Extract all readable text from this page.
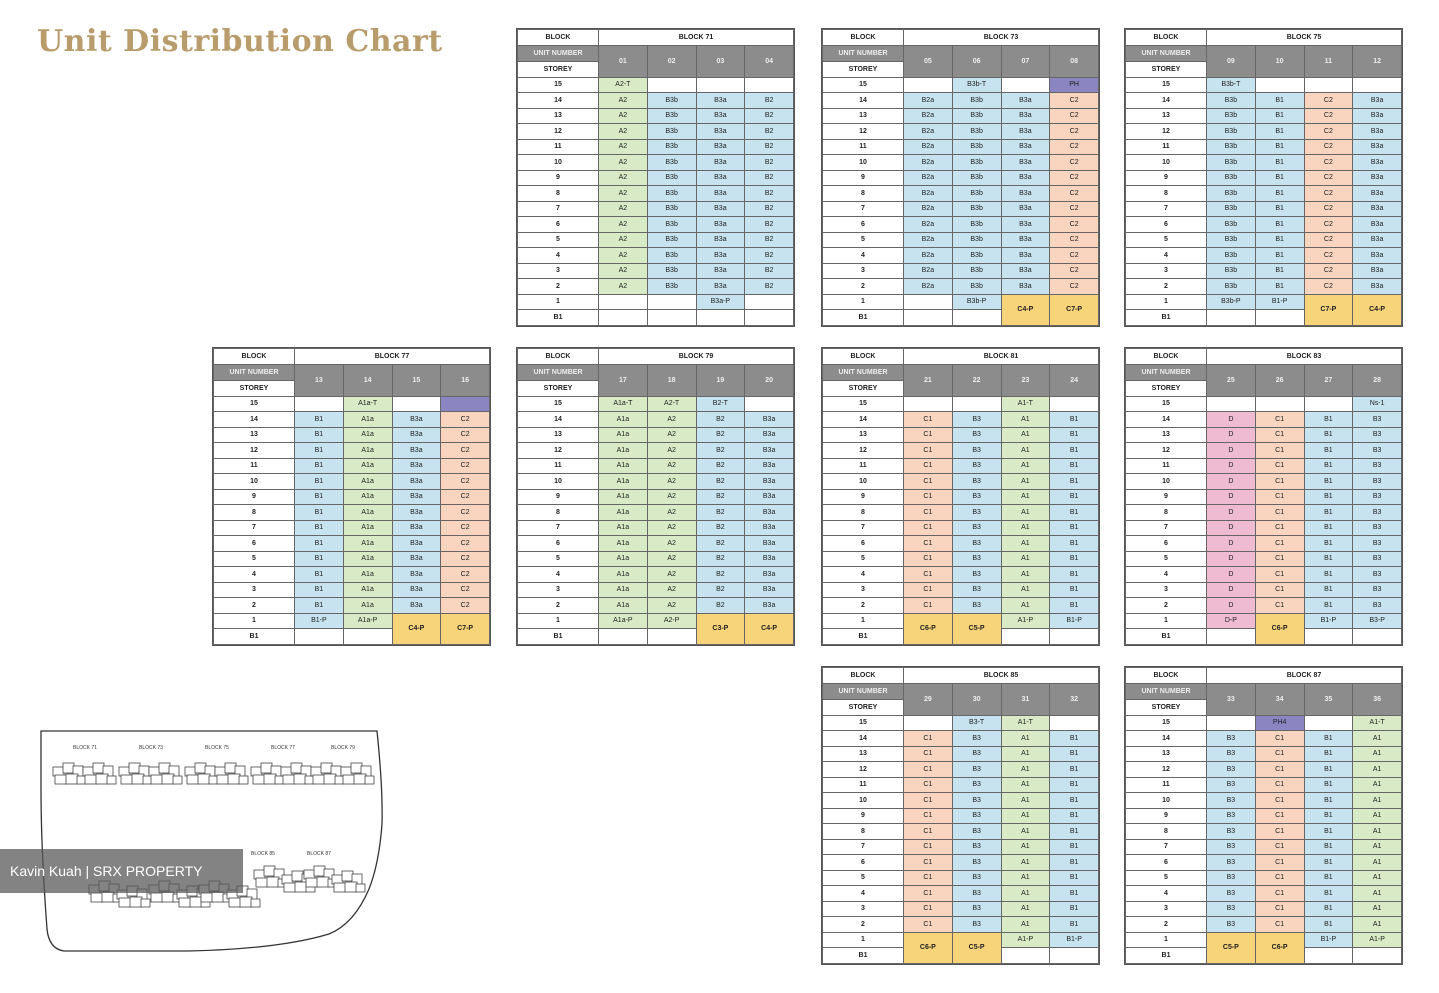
Unit Distribution Chart	BLOCK	BLOCK 71			
UNIT NUMBER	01	02	03	04
STOREY				
15	A2-T			
14	A2	B3b	B3a	B2
13	A2	B3b	B3a	B2
12	A2	B3b	B3a	B2
11	A2	B3b	B3a	B2
10	A2	B3b	B3a	B2
9	A2	B3b	B3a	B2
8	A2	B3b	B3a	B2
7	A2	B3b	B3a	B2
6	A2	B3b	B3a	B2
5	A2	B3b	B3a	B2
4	A2	B3b	B3a	B2
3	A2	B3b	B3a	B2
2	A2	B3b	B3a	B2
1			B3a-P	
B1				
BLOCK	BLOCK 73			
UNIT NUMBER	05	06	07	08
STOREY				
15		B3b-T		PH
14	B2a	B3b	B3a	C2
13	B2a	B3b	B3a	C2
12	B2a	B3b	B3a	C2
11	B2a	B3b	B3a	C2
10	B2a	B3b	B3a	C2
9	B2a	B3b	B3a	C2
8	B2a	B3b	B3a	C2
7	B2a	B3b	B3a	C2
6	B2a	B3b	B3a	C2
5	B2a	B3b	B3a	C2
4	B2a	B3b	B3a	C2
3	B2a	B3b	B3a	C2
2	B2a	B3b	B3a	C2
1		B3b-P	C4-P	C7-P
B1				
BLOCK	BLOCK 75			
UNIT NUMBER	09	10	11	12
STOREY				
15	B3b-T			
14	B3b	B1	C2	B3a
13	B3b	B1	C2	B3a
12	B3b	B1	C2	B3a
11	B3b	B1	C2	B3a
10	B3b	B1	C2	B3a
9	B3b	B1	C2	B3a
8	B3b	B1	C2	B3a
7	B3b	B1	C2	B3a
6	B3b	B1	C2	B3a
5	B3b	B1	C2	B3a
4	B3b	B1	C2	B3a
3	B3b	B1	C2	B3a
2	B3b	B1	C2	B3a
1	B3b-P	B1-P	C7-P	C4-P
B1				
BLOCK	BLOCK 77			
UNIT NUMBER	13	14	15	16
STOREY				
15		A1a-T		
14	B1	A1a	B3a	C2
13	B1	A1a	B3a	C2
12	B1	A1a	B3a	C2
11	B1	A1a	B3a	C2
10	B1	A1a	B3a	C2
9	B1	A1a	B3a	C2
8	B1	A1a	B3a	C2
7	B1	A1a	B3a	C2
6	B1	A1a	B3a	C2
5	B1	A1a	B3a	C2
4	B1	A1a	B3a	C2
3	B1	A1a	B3a	C2
2	B1	A1a	B3a	C2
1	B1-P	A1a-P	C4-P	C7-P
B1				
BLOCK	BLOCK 79			
UNIT NUMBER	17	18	19	20
STOREY				
15	A1a-T	A2-T	B2-T	
14	A1a	A2	B2	B3a
13	A1a	A2	B2	B3a
12	A1a	A2	B2	B3a
11	A1a	A2	B2	B3a
10	A1a	A2	B2	B3a
9	A1a	A2	B2	B3a
8	A1a	A2	B2	B3a
7	A1a	A2	B2	B3a
6	A1a	A2	B2	B3a
5	A1a	A2	B2	B3a
4	A1a	A2	B2	B3a
3	A1a	A2	B2	B3a
2	A1a	A2	B2	B3a
1	A1a-P	A2-P	C3-P	C4-P
B1				
BLOCK	BLOCK 81			
UNIT NUMBER	21	22	23	24
STOREY				
15			A1-T	
14	C1	B3	A1	B1
13	C1	B3	A1	B1
12	C1	B3	A1	B1
11	C1	B3	A1	B1
10	C1	B3	A1	B1
9	C1	B3	A1	B1
8	C1	B3	A1	B1
7	C1	B3	A1	B1
6	C1	B3	A1	B1
5	C1	B3	A1	B1
4	C1	B3	A1	B1
3	C1	B3	A1	B1
2	C1	B3	A1	B1
1	C6-P	C5-P	A1-P	B1-P
B1				
BLOCK	BLOCK 83			
UNIT NUMBER	25	26	27	28
STOREY				
15				Ns-1
14	D	C1	B1	B3
13	D	C1	B1	B3
12	D	C1	B1	B3
11	D	C1	B1	B3
10	D	C1	B1	B3
9	D	C1	B1	B3
8	D	C1	B1	B3
7	D	C1	B1	B3
6	D	C1	B1	B3
5	D	C1	B1	B3
4	D	C1	B1	B3
3	D	C1	B1	B3
2	D	C1	B1	B3
1	D-P	C6-P	B1-P	B3-P
B1				
BLOCK	BLOCK 85			
UNIT NUMBER	29	30	31	32
STOREY				
15		B3-T	A1-T	
14	C1	B3	A1	B1
13	C1	B3	A1	B1
12	C1	B3	A1	B1
11	C1	B3	A1	B1
10	C1	B3	A1	B1
9	C1	B3	A1	B1
8	C1	B3	A1	B1
7	C1	B3	A1	B1
6	C1	B3	A1	B1
5	C1	B3	A1	B1
4	C1	B3	A1	B1
3	C1	B3	A1	B1
2	C1	B3	A1	B1
1	C6-P	C5-P	A1-P	B1-P
B1				
BLOCK	BLOCK 87			
UNIT NUMBER	33	34	35	36
STOREY				
15		PH4		A1-T
14	B3	C1	B1	A1
13	B3	C1	B1	A1
12	B3	C1	B1	A1
11	B3	C1	B1	A1
10	B3	C1	B1	A1
9	B3	C1	B1	A1
8	B3	C1	B1	A1
7	B3	C1	B1	A1
6	B3	C1	B1	A1
5	B3	C1	B1	A1
4	B3	C1	B1	A1
3	B3	C1	B1	A1
2	B3	C1	B1	A1
1	C5-P	C6-P	B1-P	A1-P
B1				
BLOCK 71	BLOCK 73	BLOCK 75	BLOCK 77	BLOCK 79
BLOCK 85	BLOCK 87
Kavin Kuah | SRX PROPERTY
